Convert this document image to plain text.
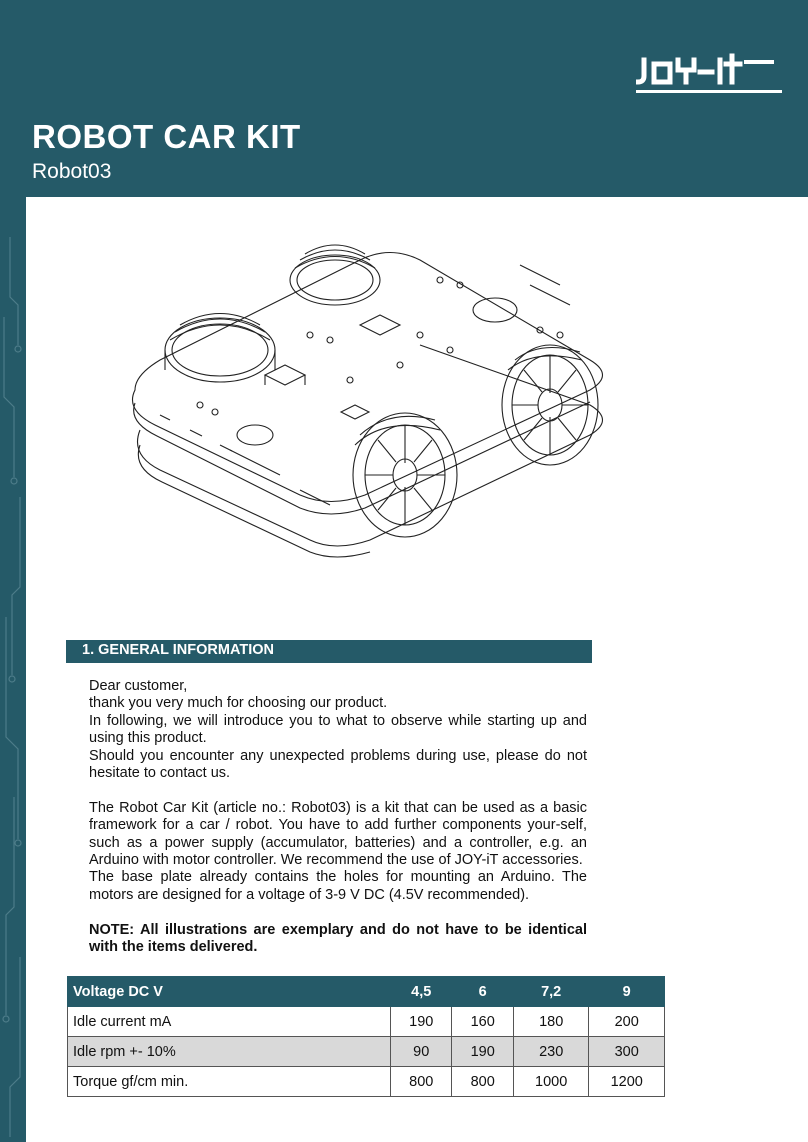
ROBOT CAR KIT
Robot03
1. GENERAL INFORMATION

Dear customer,

thank you very much for choosing our product.

In following, we will introduce you to what to observe while starting up and using this product.

Should you encounter any unexpected problems during use, please do not hesitate to contact us.

The Robot Car Kit (article no.: Robot03) is a kit that can be used as a basic framework for a car / robot. You have to add further components your-self, such as a power supply (accumulator, batteries) and a controller, e.g. an Arduino with motor controller. We recommend the use of JOY-iT accessories.

The base plate already contains the holes for mounting an Arduino. The motors are designed for a voltage of 3-9 V DC (4.5V recommended).

NOTE: All illustrations are exemplary and do not have to be identical with the items delivered.

Voltage DC V	4,5	6	7,2	9
Idle current mA	190	160	180	200
Idle rpm +- 10%	90	190	230	300
Torque gf/cm min.	800	800	1000	1200
